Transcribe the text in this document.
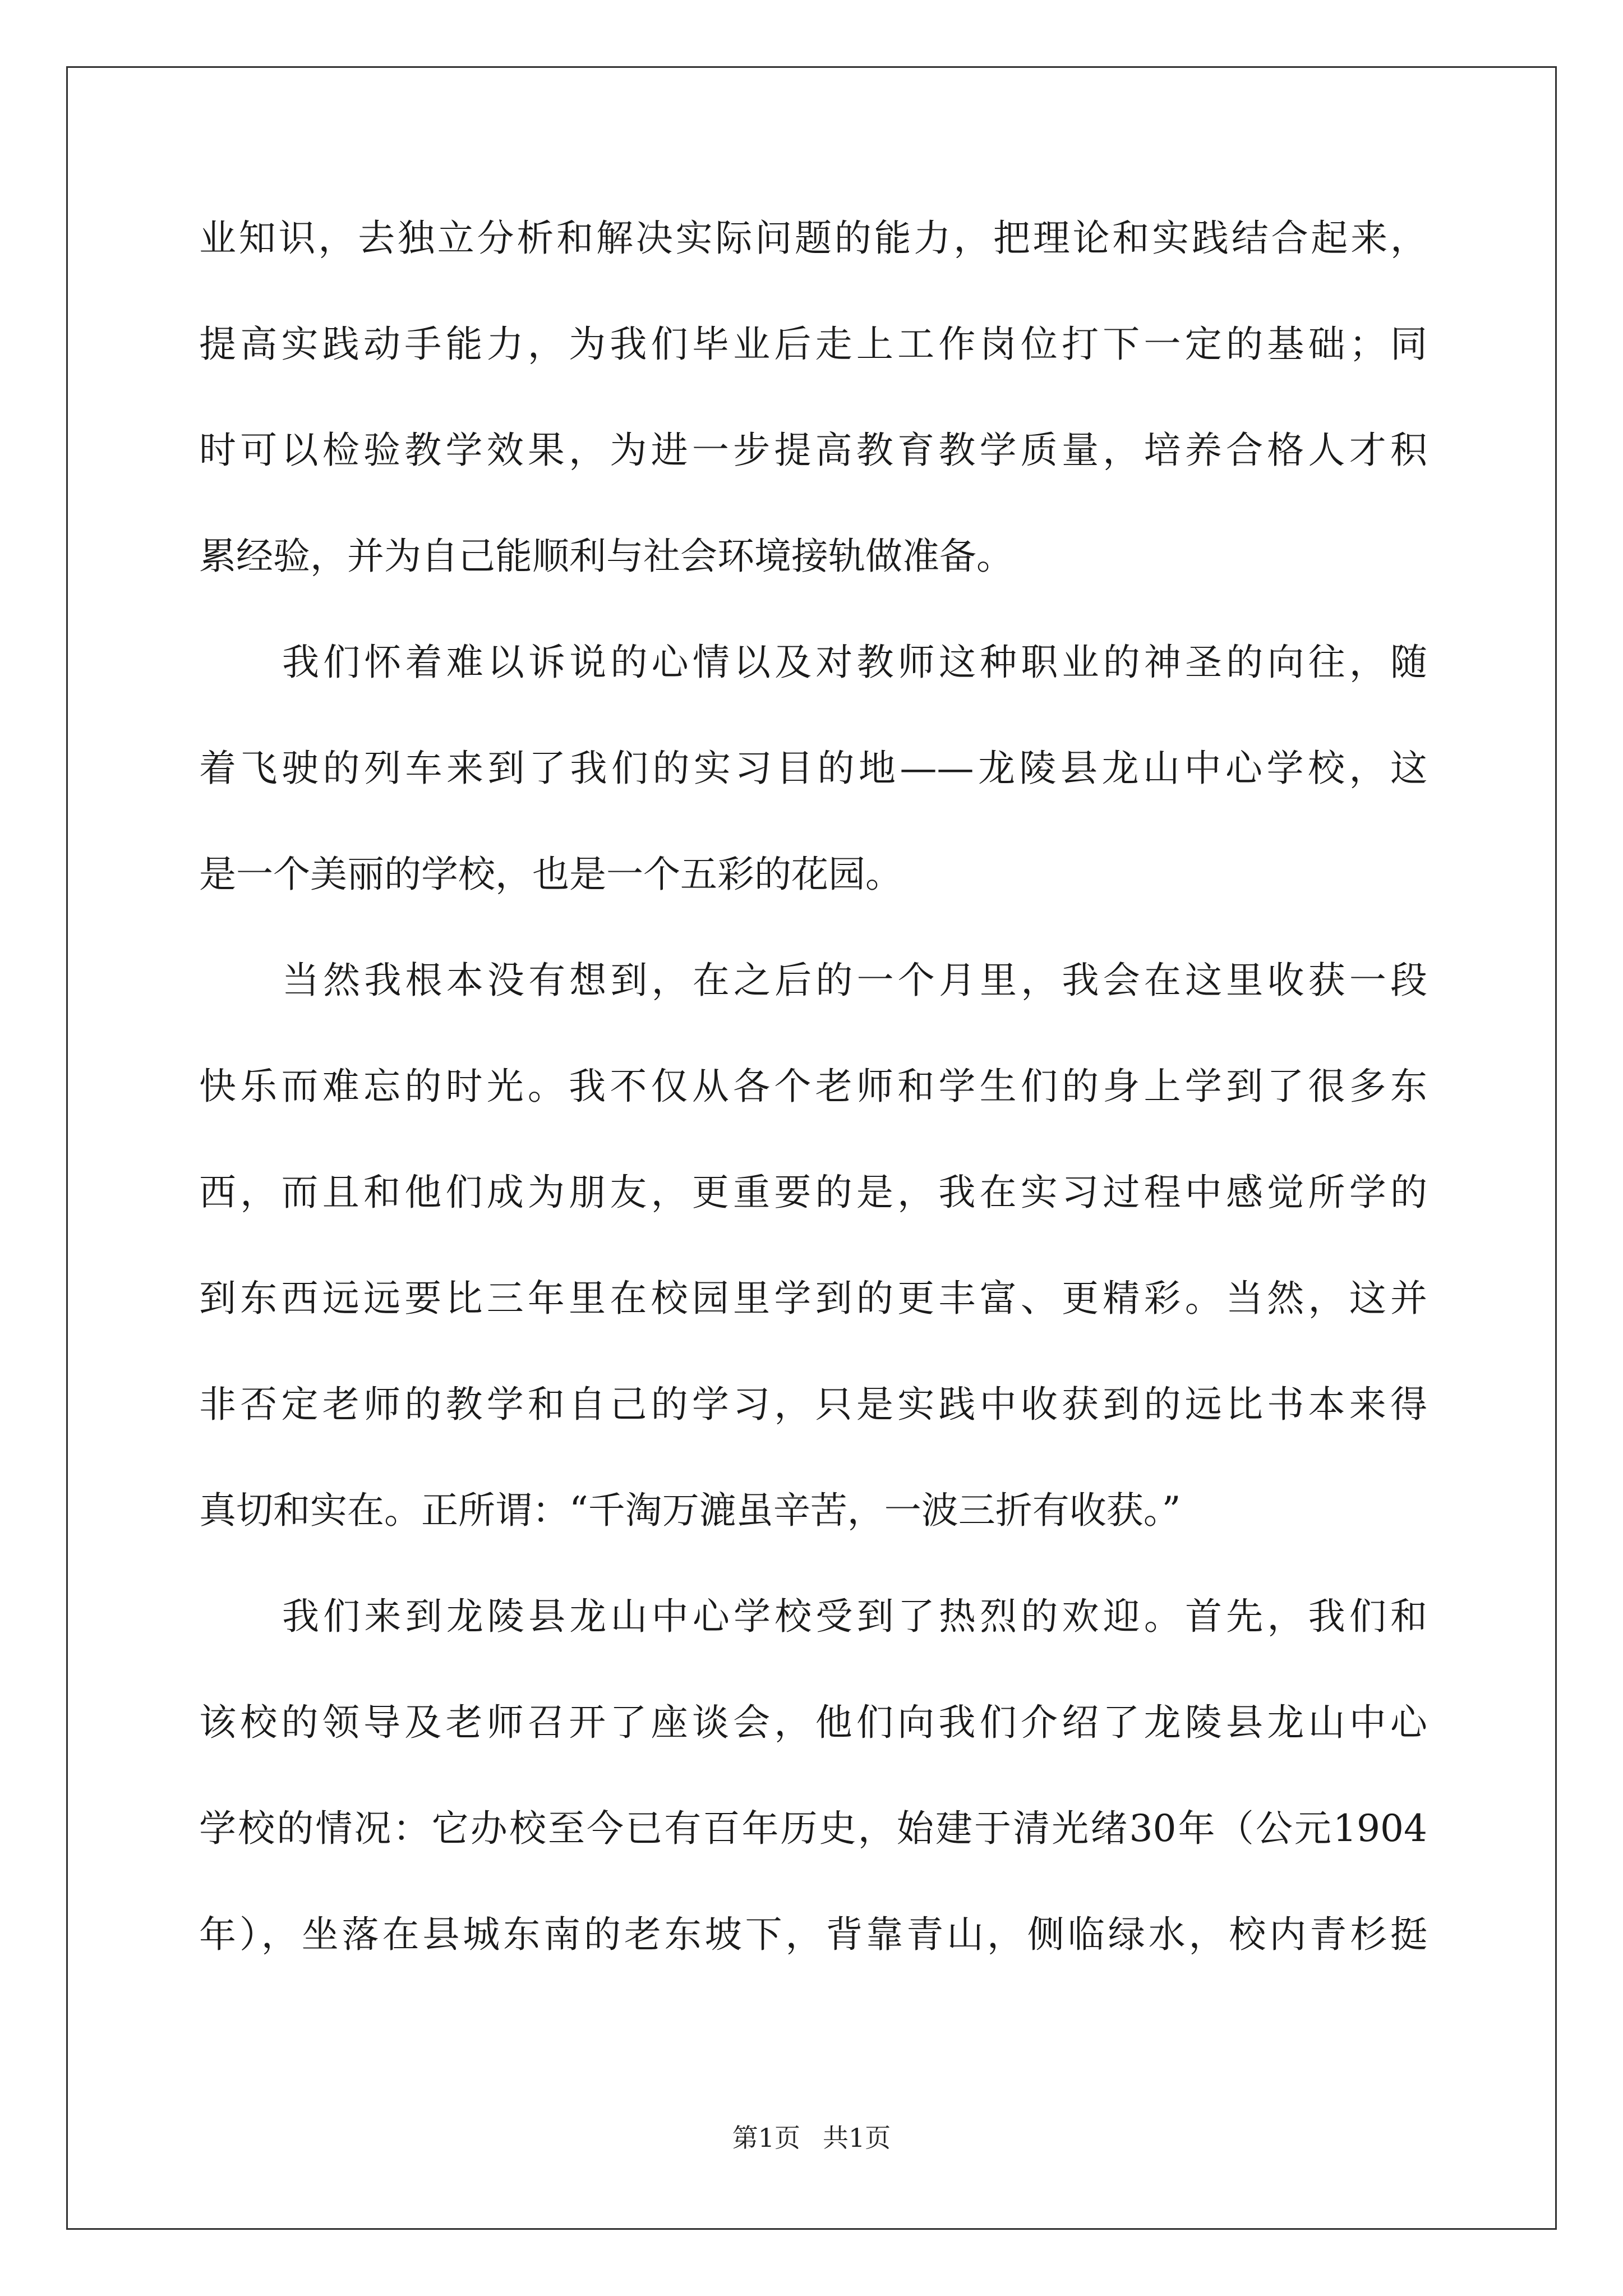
业知识，去独立分析和解决实际问题的能力，把理论和实践结合起来，
提高实践动手能力，为我们毕业后走上工作岗位打下一定的基础；同
时可以检验教学效果，为进一步提高教育教学质量，培养合格人才积
累经验，并为自己能顺利与社会环境接轨做准备。
我们怀着难以诉说的心情以及对教师这种职业的神圣的向往，随
着飞驶的列车来到了我们的实习目的地——龙陵县龙山中心学校，这
是一个美丽的学校，也是一个五彩的花园。
当然我根本没有想到，在之后的一个月里，我会在这里收获一段
快乐而难忘的时光。我不仅从各个老师和学生们的身上学到了很多东
西，而且和他们成为朋友，更重要的是，我在实习过程中感觉所学的
到东西远远要比三年里在校园里学到的更丰富、更精彩。当然，这并
非否定老师的教学和自己的学习，只是实践中收获到的远比书本来得
真切和实在。正所谓：“千淘万漉虽辛苦，一波三折有收获。”
我们来到龙陵县龙山中心学校受到了热烈的欢迎。首先，我们和
该校的领导及老师召开了座谈会，他们向我们介绍了龙陵县龙山中心
学校的情况：它办校至今已有百年历史，始建于清光绪30年（公元1904
年），坐落在县城东南的老东坡下，背靠青山，侧临绿水，校内青杉挺
第1页 共1页
